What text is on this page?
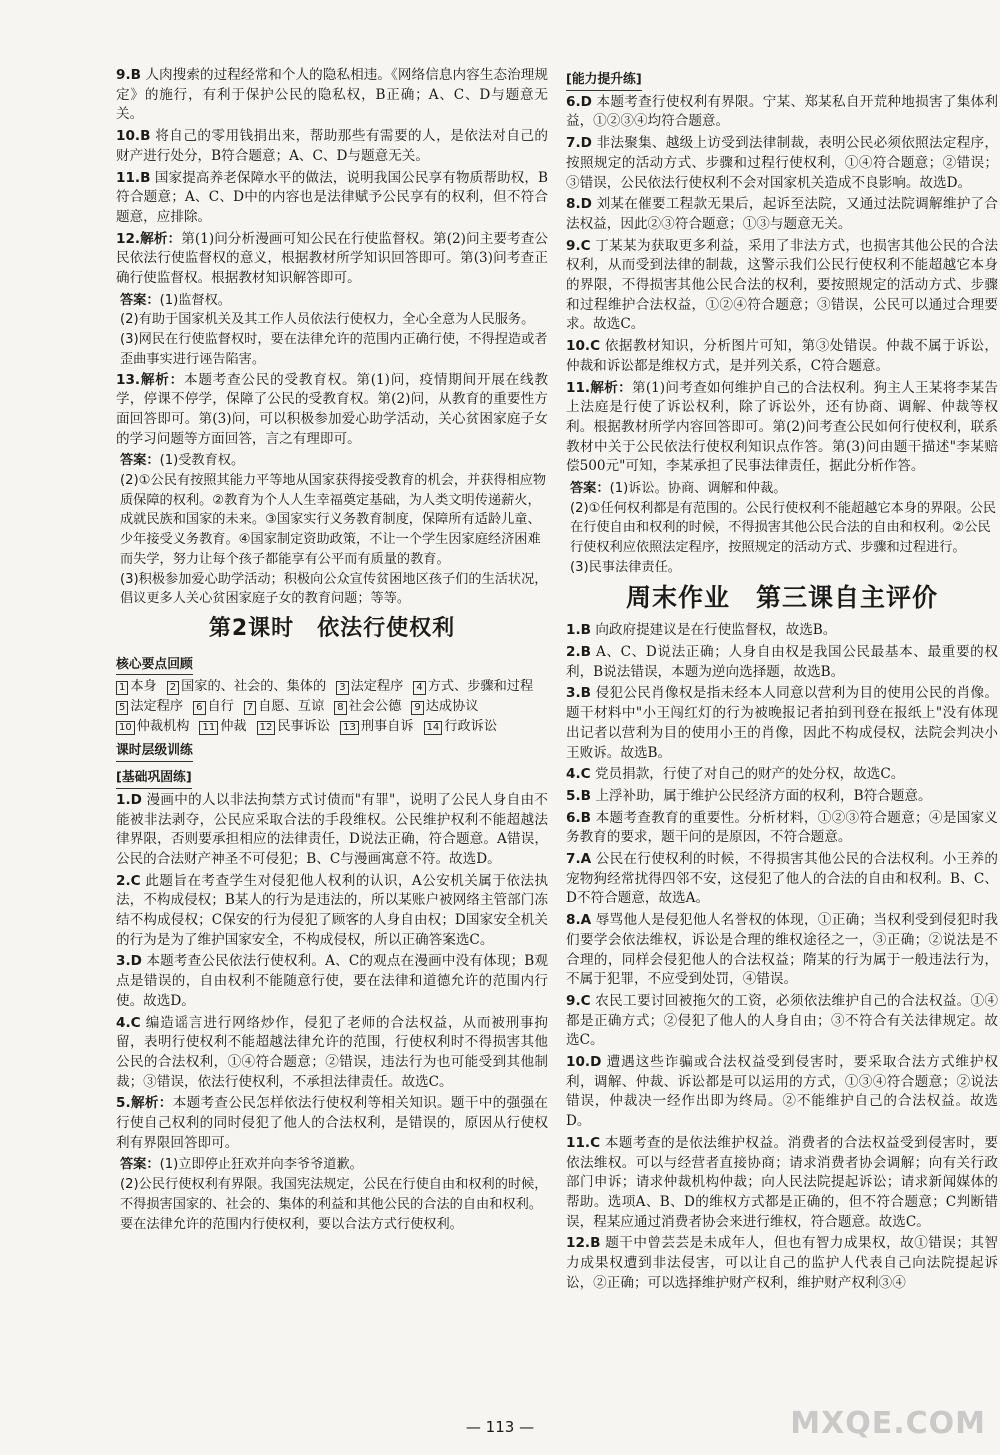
9.B 人肉搜索的过程经常和个人的隐私相违。《网络信息内容生态治理规定》的施行，有利于保护公民的隐私权，B正确；A、C、D与题意无关。
10.B 将自己的零用钱捐出来，帮助那些有需要的人，是依法对自己的财产进行处分，B符合题意；A、C、D与题意无关。
11.B 国家提高养老保障水平的做法，说明我国公民享有物质帮助权，B符合题意；A、C、D中的内容也是法律赋予公民享有的权利，但不符合题意，应排除。
12.解析：第(1)问分析漫画可知公民在行使监督权。第(2)问主要考查公民依法行使监督权的意义，根据教材所学知识回答即可。第(3)问考查正确行使监督权。根据教材知识解答即可。
答案：(1)监督权。
(2)有助于国家机关及其工作人员依法行使权力，全心全意为人民服务。
(3)网民在行使监督权时，要在法律允许的范围内正确行使，不得捏造或者歪曲事实进行诬告陷害。
13.解析：本题考查公民的受教育权。第(1)问，疫情期间开展在线教学，停课不停学，保障了公民的受教育权。第(2)问，从教育的重要性方面回答即可。第(3)问，可以积极参加爱心助学活动，关心贫困家庭子女的学习问题等方面回答，言之有理即可。
答案：(1)受教育权。
(2)①公民有按照其能力平等地从国家获得接受教育的机会，并获得相应物质保障的权利。②教育为个人人生幸福奠定基础，为人类文明传递薪火，成就民族和国家的未来。③国家实行义务教育制度，保障所有适龄儿童、少年接受义务教育。④国家制定资助政策，不让一个学生因家庭经济困难而失学，努力让每个孩子都能享有公平而有质量的教育。
(3)积极参加爱心助学活动；积极向公众宣传贫困地区孩子们的生活状况，倡议更多人关心贫困家庭子女的教育问题；等等。
第2课时　依法行使权利
核心要点回顾
1 本身	2 国家的、社会的、集体的	3 法定程序	4 方式、步骤和过程
5 法定程序	6 自行	7 自愿、互谅	8 社会公德	9 达成协议
10 仲裁机构	11 仲裁	12 民事诉讼	13 刑事自诉	14 行政诉讼
课时层级训练
[基础巩固练]
1.D 漫画中的人以非法拘禁方式讨债而"有罪"，说明了公民人身自由不能被非法剥夺，公民应采取合法的手段维权。公民维护权利不能超越法律界限，否则要承担相应的法律责任，D说法正确，符合题意。A错误，公民的合法财产神圣不可侵犯；B、C与漫画寓意不符。故选D。
2.C 此题旨在考查学生对侵犯他人权利的认识，A公安机关属于依法执法，不构成侵权；B某人的行为是违法的，所以某账户被网络主管部门冻结不构成侵权；C保安的行为侵犯了顾客的人身自由权；D国家安全机关的行为是为了维护国家安全，不构成侵权，所以正确答案选C。
3.D 本题考查公民依法行使权利。A、C的观点在漫画中没有体现；B观点是错误的，自由权利不能随意行使，要在法律和道德允许的范围内行使。故选D。
4.C 编造谣言进行网络炒作，侵犯了老师的合法权益，从而被刑事拘留，表明行使权利不能超越法律允许的范围，行使权利时不得损害其他公民的合法权利，①④符合题意；②错误，违法行为也可能受到其他制裁；③错误，依法行使权利，不承担法律责任。故选C。
5.解析：本题考查公民怎样依法行使权利等相关知识。题干中的强强在行使自己权利的同时侵犯了他人的合法权利，是错误的，原因从行使权利有界限回答即可。
答案：(1)立即停止狂欢并向李爷爷道歉。
(2)公民行使权利有界限。我国宪法规定，公民在行使自由和权利的时候，不得损害国家的、社会的、集体的利益和其他公民的合法的自由和权利。要在法律允许的范围内行使权利，要以合法方式行使权利。
[能力提升练]
6.D 本题考查行使权利有界限。宁某、郑某私自开荒种地损害了集体利益，①②③④均符合题意。
7.D 非法聚集、越级上访受到法律制裁，表明公民必须依照法定程序，按照规定的活动方式、步骤和过程行使权利，①④符合题意；②错误；③错误，公民依法行使权利不会对国家机关造成不良影响。故选D。
8.D 刘某在催要工程款无果后，起诉至法院，又通过法院调解维护了合法权益，因此②③符合题意；①③与题意无关。
9.C 丁某某为获取更多利益，采用了非法方式，也损害其他公民的合法权利，从而受到法律的制裁，这警示我们公民行使权利不能超越它本身的界限，不得损害其他公民合法的权利，要按照规定的活动方式、步骤和过程维护合法权益，①②④符合题意；③错误，公民可以通过合理要求。故选C。
10.C 依据教材知识，分析图片可知，第③处错误。仲裁不属于诉讼，仲裁和诉讼都是维权方式，是并列关系，C符合题意。
11.解析：第(1)问考查如何维护自己的合法权利。狗主人王某将李某告上法庭是行使了诉讼权利，除了诉讼外，还有协商、调解、仲裁等权利。根据教材所学内容回答即可。第(2)问考查公民如何行使权利，联系教材中关于公民依法行使权利知识点作答。第(3)问由题干描述"李某赔偿500元"可知，李某承担了民事法律责任，据此分析作答。
答案：(1)诉讼。协商、调解和仲裁。
(2)①任何权利都是有范围的。公民行使权利不能超越它本身的界限。公民在行使自由和权利的时候，不得损害其他公民合法的自由和权利。②公民行使权利应依照法定程序，按照规定的活动方式、步骤和过程进行。
(3)民事法律责任。
周末作业　第三课自主评价
1.B 向政府提建议是在行使监督权，故选B。
2.B A、C、D说法正确；人身自由权是我国公民最基本、最重要的权利，B说法错误，本题为逆向选择题，故选B。
3.B 侵犯公民肖像权是指未经本人同意以营利为目的使用公民的肖像。题干材料中"小王闯红灯的行为被晚报记者拍到刊登在报纸上"没有体现出记者以营利为目的使用小王的肖像，因此不构成侵权，法院会判决小王败诉。故选B。
4.C 党员捐款，行使了对自己的财产的处分权，故选C。
5.B 上浮补助，属于维护公民经济方面的权利，B符合题意。
6.B 本题考查教育的重要性。分析材料，①②③符合题意；④是国家义务教育的要求，题干问的是原因，不符合题意。
7.A 公民在行使权利的时候，不得损害其他公民的合法权利。小王养的宠物狗经常扰得四邻不安，这侵犯了他人的合法的自由和权利。B、C、D不符合题意，故选A。
8.A 辱骂他人是侵犯他人名誉权的体现，①正确；当权利受到侵犯时我们要学会依法维权，诉讼是合理的维权途径之一，③正确；②说法是不合理的，同样会侵犯他人的合法权益；隋某的行为属于一般违法行为，不属于犯罪，不应受到处罚，④错误。
9.C 农民工要讨回被拖欠的工资，必须依法维护自己的合法权益。①④都是正确方式；②侵犯了他人的人身自由；③不符合有关法律规定。故选C。
10.D 遭遇这些诈骗或合法权益受到侵害时，要采取合法方式维护权利，调解、仲裁、诉讼都是可以运用的方式，①③④符合题意；②说法错误，仲裁决一经作出即为终局。②不能维护自己的合法权益。故选D。
11.C 本题考查的是依法维护权益。消费者的合法权益受到侵害时，要依法维权。可以与经营者直接协商；请求消费者协会调解；向有关行政部门申诉；请求仲裁机构仲裁；向人民法院提起诉讼；请求新闻媒体的帮助。选项A、B、D的维权方式都是正确的，但不符合题意；C判断错误，程某应通过消费者协会来进行维权，符合题意。故选C。
12.B 题干中曾芸芸是未成年人，但也有智力成果权，故①错误；其智力成果权遭到非法侵害，可以让自己的监护人代表自己向法院提起诉讼，②正确；可以选择维护财产权利，维护财产权利③④
— 113 —	MXQE.COM
